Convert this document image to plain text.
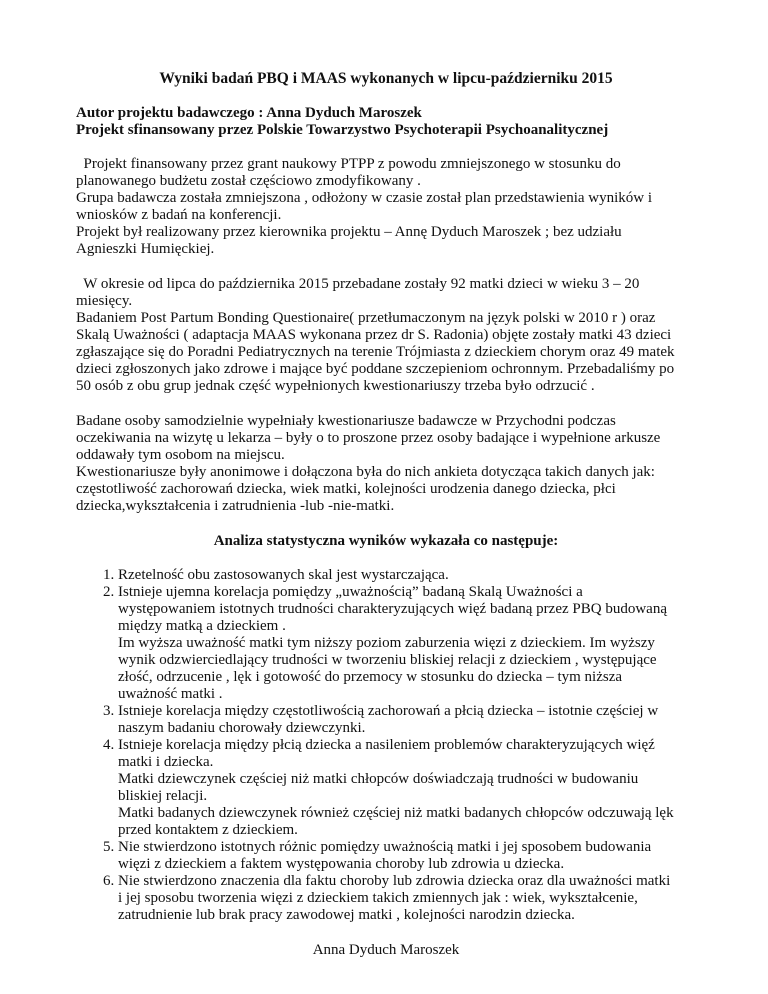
Wyniki badań PBQ i MAAS wykonanych w lipcu-październiku 2015
Autor projektu badawczego : Anna Dyduch Maroszek
Projekt sfinansowany przez Polskie Towarzystwo Psychoterapii Psychoanalitycznej

Projekt finansowany przez grant naukowy PTPP z powodu zmniejszonego w stosunku do
planowanego budżetu został częściowo zmodyfikowany .
Grupa badawcza została zmniejszona , odłożony w czasie został plan przedstawienia wyników i
wniosków z badań na konferencji.
Projekt był realizowany przez kierownika projektu – Annę Dyduch Maroszek ; bez udziału
Agnieszki Humięckiej.

W okresie od lipca do października 2015 przebadane zostały 92 matki dzieci w wieku 3 – 20
miesięcy.
Badaniem Post Partum Bonding Questionaire( przetłumaczonym na język polski w 2010 r ) oraz
Skalą Uważności ( adaptacja MAAS wykonana przez dr S. Radonia) objęte zostały matki 43 dzieci
zgłaszające się do Poradni Pediatrycznych na terenie Trójmiasta z dzieckiem chorym oraz 49 matek
dzieci zgłoszonych jako zdrowe i mające być poddane szczepieniom ochronnym. Przebadaliśmy po
50 osób z obu grup jednak część wypełnionych kwestionariuszy trzeba było odrzucić .

Badane osoby samodzielnie wypełniały kwestionariusze badawcze w Przychodni podczas
oczekiwania na wizytę u lekarza – były o to proszone przez osoby badające i wypełnione arkusze
oddawały tym osobom na miejscu.
Kwestionariusze były anonimowe i dołączona była do nich ankieta dotycząca takich danych jak:
częstotliwość zachorowań dziecka, wiek matki, kolejności urodzenia danego dziecka, płci
dziecka,wykształcenia i zatrudnienia -lub -nie-matki.

Analiza statystyczna wyników wykazała co następuje:
1. Rzetelność obu zastosowanych skal jest wystarczająca.
2. Istnieje ujemna korelacja pomiędzy „uważnością” badaną Skalą Uważności a
występowaniem istotnych trudności charakteryzujących więź badaną przez PBQ budowaną
między matką a dzieckiem .
Im wyższa uważność matki tym niższy poziom zaburzenia więzi z dzieckiem. Im wyższy
wynik odzwierciedlający trudności w tworzeniu bliskiej relacji z dzieckiem , występujące
złość, odrzucenie , lęk i gotowość do przemocy w stosunku do dziecka – tym niższa
uważność matki .
3. Istnieje korelacja między częstotliwością zachorowań a płcią dziecka – istotnie częściej w
naszym badaniu chorowały dziewczynki.
4. Istnieje korelacja między płcią dziecka a nasileniem problemów charakteryzujących więź
matki i dziecka.
Matki dziewczynek częściej niż matki chłopców doświadczają trudności w budowaniu
bliskiej relacji.
Matki badanych dziewczynek również częściej niż matki badanych chłopców odczuwają lęk
przed kontaktem z dzieckiem.
5. Nie stwierdzono istotnych różnic pomiędzy uważnością matki i jej sposobem budowania
więzi z dzieckiem a faktem występowania choroby lub zdrowia u dziecka.
6. Nie stwierdzono znaczenia dla faktu choroby lub zdrowia dziecka oraz dla uważności matki
i jej sposobu tworzenia więzi z dzieckiem takich zmiennych jak : wiek, wykształcenie,
zatrudnienie lub brak pracy zawodowej matki , kolejności narodzin dziecka.
Anna Dyduch Maroszek
